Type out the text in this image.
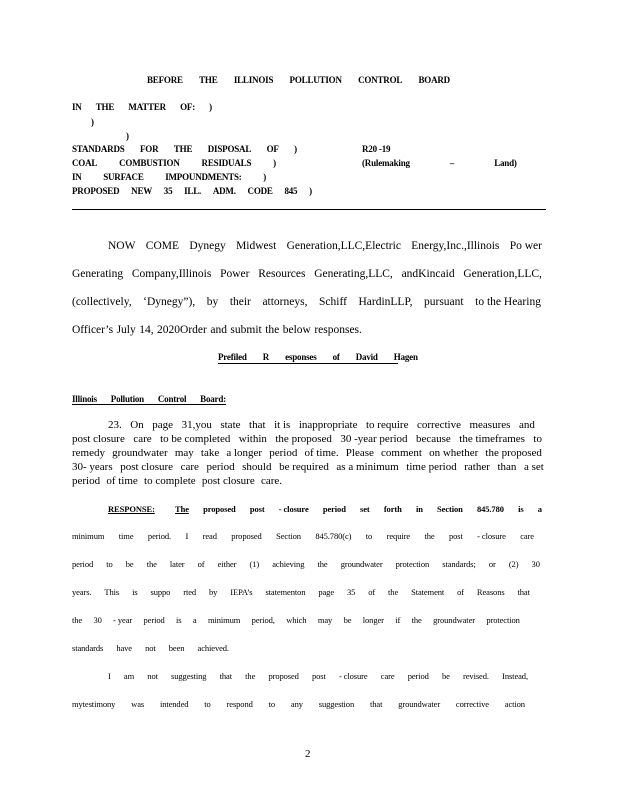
BEFORE THE ILLINOIS POLLUTION CONTROL BOARD
IN THE MATTER OF: )
)
)
STANDARDS FOR THE DISPOSAL OF )
COAL COMBUSTION RESIDUALS )
IN SURFACE IMPOUNDMENTS: )
PROPOSED NEW 35 ILL. ADM. CODE 845 )
R20 -19
(Rulemaking – Land)
NOW COME Dynegy Midwest Generation,LLC,Electric Energy,Inc.,Illinois Po wer
Generating Company,Illinois Power Resources Generating,LLC, andKincaid Generation,LLC,
(collectively, ‘Dynegy”), by their attorneys, Schiff HardinLLP, pursuant to the Hearing
Officer’s July 14, 2020Order and submit the below responses.
Prefiled R esponses of David Hagen
Illinois Pollution Control Board:
23. On page 31,you state that it is inappropriate to require corrective measures and
post closure care to be completed within the proposed 30 -year period because the timeframes to
remedy groundwater may take a longer period of time. Please comment on whether the proposed
30- years post closure care period should be required as a minimum time period rather than a set
period of time to complete post closure care.
RESPONSE: The proposed post - closure period set forth in Section 845.780 is a
minimum time period. I read proposed Section 845.780(c) to require the post - closure care
period to be the later of either (1) achieving the groundwater protection standards; or (2) 30
years. This is suppo rted by IEPA’s statementon page 35 of the Statement of Reasons that
the 30 - year period is a minimum period, which may be longer if the groundwater protection
standards have not been achieved.
I am not suggesting that the proposed post - closure care period be revised. Instead,
mytestimony was intended to respond to any suggestion that groundwater corrective action
2
